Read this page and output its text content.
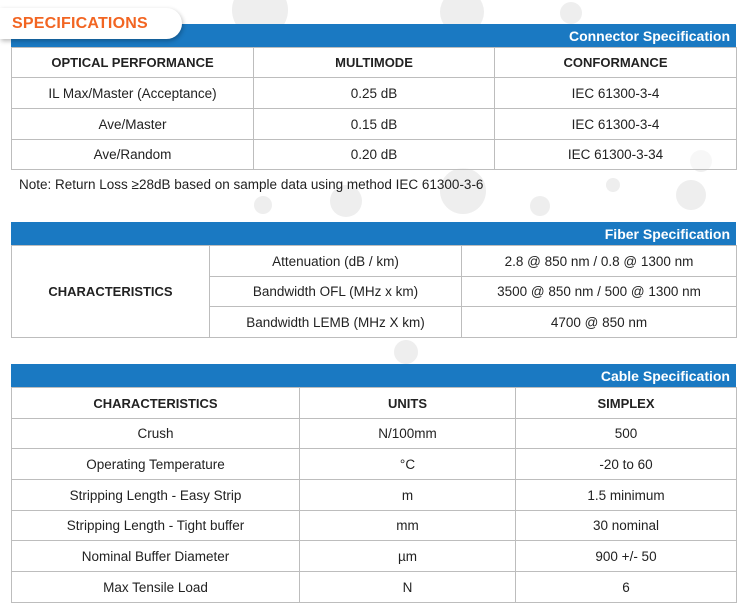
SPECIFICATIONS
Connector Specification
OPTICAL PERFORMANCE	MULTIMODE	CONFORMANCE
IL Max/Master (Acceptance)	0.25 dB	IEC 61300-3-4
Ave/Master	0.15 dB	IEC 61300-3-4
Ave/Random	0.20 dB	IEC 61300-3-34
Note: Return Loss ≥28dB based on sample data using method IEC 61300-3-6
Fiber Specification
CHARACTERISTICS	Attenuation (dB / km)	2.8 @ 850 nm / 0.8 @ 1300 nm
	Bandwidth OFL (MHz x km)	3500 @ 850 nm / 500 @ 1300 nm
	Bandwidth LEMB (MHz X km)	4700 @ 850 nm
Cable Specification
CHARACTERISTICS	UNITS	SIMPLEX
Crush	N/100mm	500
Operating Temperature	°C	-20 to 60
Stripping Length - Easy Strip	m	1.5 minimum
Stripping Length - Tight buffer	mm	30 nominal
Nominal Buffer Diameter	µm	900 +/- 50
Max Tensile Load	N	6
